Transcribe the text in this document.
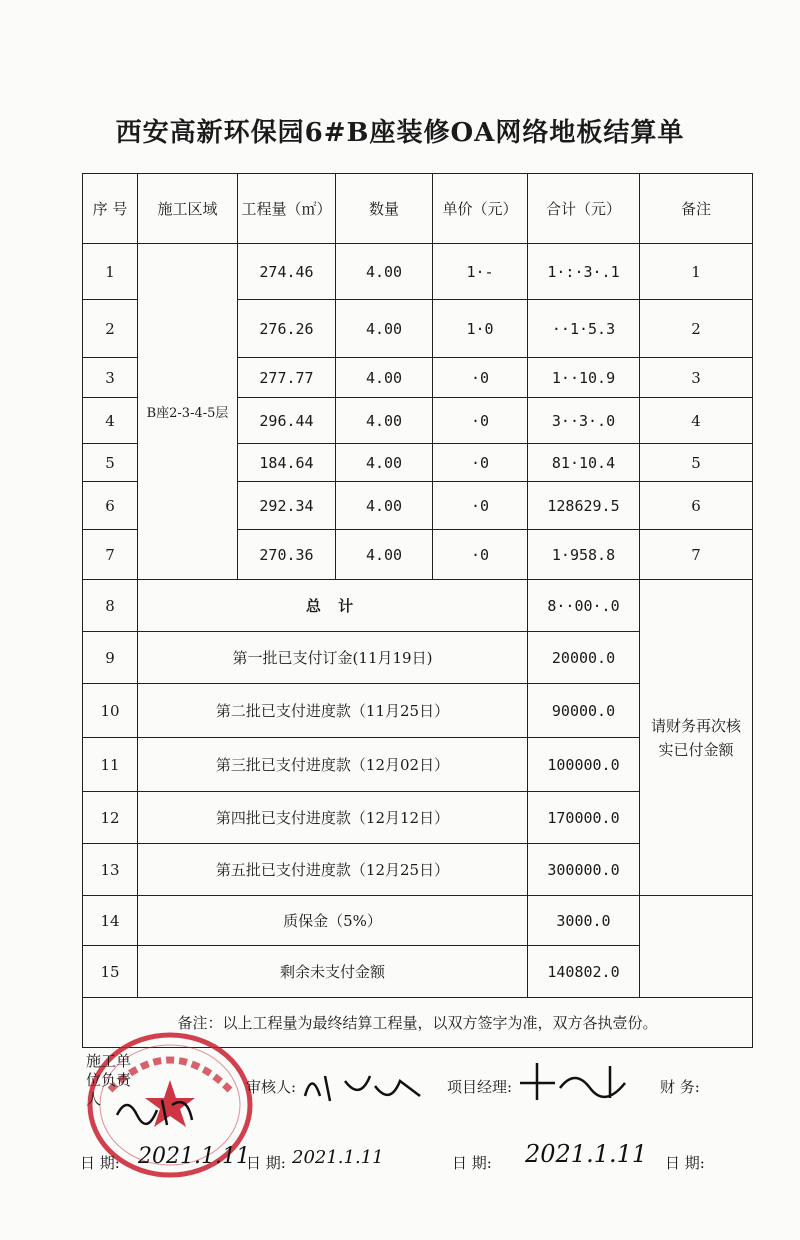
西安高新环保园6#B座装修OA网络地板结算单
序 号	施工区域	工程量（㎡）	数量	单价（元）	合计（元）	备注
1	B座2-3-4-5层	274.46	4.00	1·-	1·:·3·.1	1
2		276.26	4.00	1·0	··1·5.3	2
3		277.77	4.00	·0	1··10.9	3
4		296.44	4.00	·0	3··3·.0	4
5		184.64	4.00	·0	81·10.4	5
6		292.34	4.00	·0	128629.5	6
7		270.36	4.00	·0	1·958.8	7
8	总 计				8··00·.0	请财务再次核实已付金额
9	第一批已支付订金(11月19日)				20000.0	
10	第二批已支付进度款（11月25日）				90000.0	
11	第三批已支付进度款（12月02日）				100000.0	
12	第四批已支付进度款（12月12日）				170000.0	
13	第五批已支付进度款（12月25日）				300000.0	
14	质保金（5%）				3000.0	
15	剩余未支付金额				140802.0	
备注：以上工程量为最终结算工程量，以双方签字为准，双方各执壹份。						
施工单
位负责
人
审核人:	项目经理:	财 务:
日 期: 2021.1.11
日 期: 2021.1.11	日 期: 2021.1.11 日 期:
